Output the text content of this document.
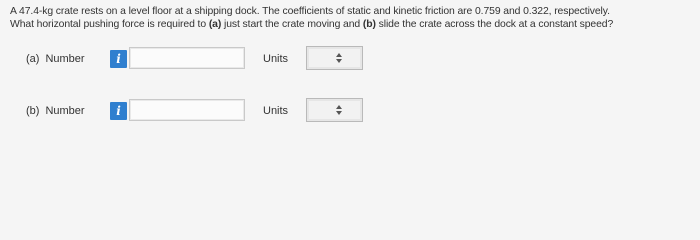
A 47.4-kg crate rests on a level floor at a shipping dock. The coefficients of static and kinetic friction are 0.759 and 0.322, respectively.

What horizontal pushing force is required to (a) just start the crate moving and (b) slide the crate across the dock at a constant speed?

(a) Number	i	Units
(b) Number	i	Units
